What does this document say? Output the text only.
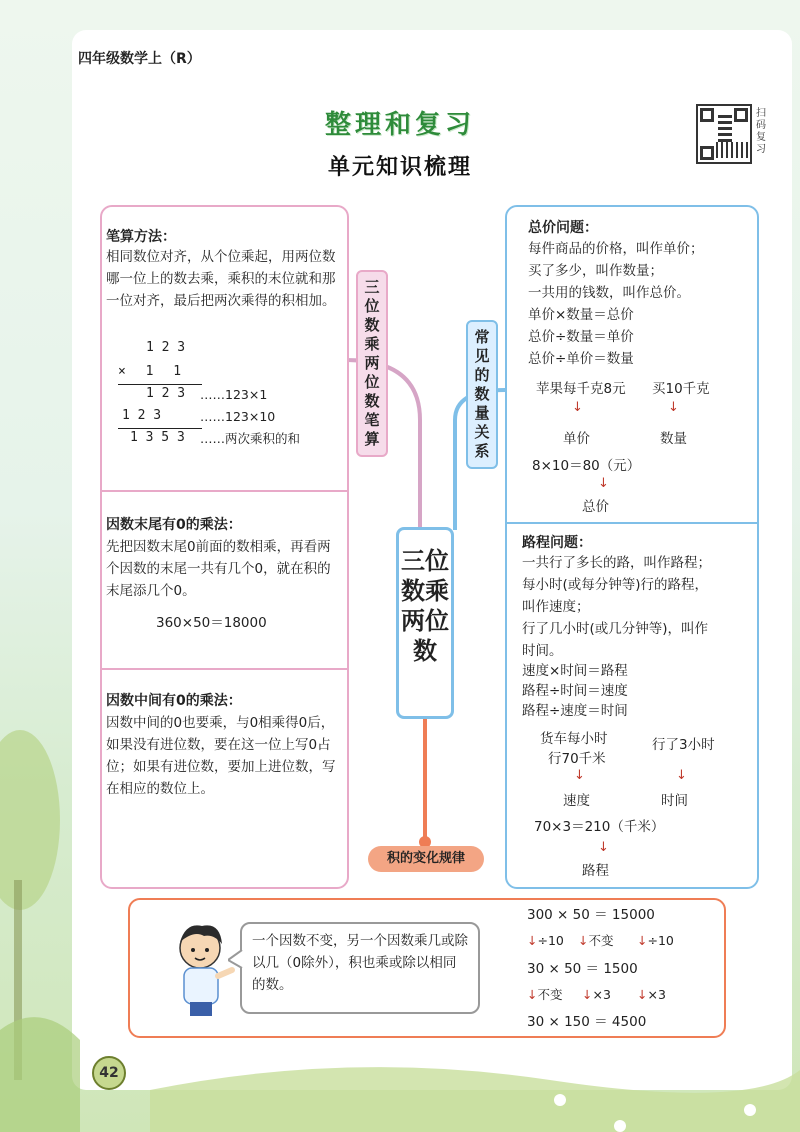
四年级数学上（R）
整理和复习
单元知识梳理
扫码复习
笔算方法：
相同数位对齐，从个位乘起，用两位数哪一位上的数去乘，乘积的末位就和那一位对齐，最后把两次乘得的积相加。
1 2 3
× 1 1
1 2 3 ……123×1
1 2 3	……123×10
1 3 5 3 ……两次乘积的和
因数末尾有0的乘法：
先把因数末尾0前面的数相乘，再看两个因数的末尾一共有几个0，就在积的末尾添几个0。
360×50＝18000
因数中间有0的乘法：
因数中间的0也要乘，与0相乘得0后，如果没有进位数，要在这一位上写0占位；如果有进位数，要加上进位数，写在相应的数位上。
三位数乘两位数笔算
三位数乘两位数
常见的数量关系
总价问题：
每件商品的价格，叫作单价；
买了多少，叫作数量；
一共用的钱数，叫作总价。
单价×数量＝总价
总价÷数量＝单价
总价÷单价＝数量
苹果每千克8元 买10千克
↓	↓
单价	数量
8×10＝80（元）
↓
总价
路程问题：
一共行了多长的路，叫作路程；
每小时(或每分钟等)行的路程，
叫作速度；
行了几小时(或几分钟等)，叫作
时间。
速度×时间＝路程
路程÷时间＝速度
路程÷速度＝时间
货车每小时
行70千米
行了3小时
↓	↓
速度	时间
70×3＝210（千米）
↓
路程
积的变化规律
一个因数不变，另一个因数乘几或除以几（0除外），积也乘或除以相同的数。
300 × 50 ＝ 15000
↓÷10 ↓不变 ↓÷10
30 × 50 ＝ 1500
↓不变 ↓×3 ↓×3
30 × 150 ＝ 4500
42
